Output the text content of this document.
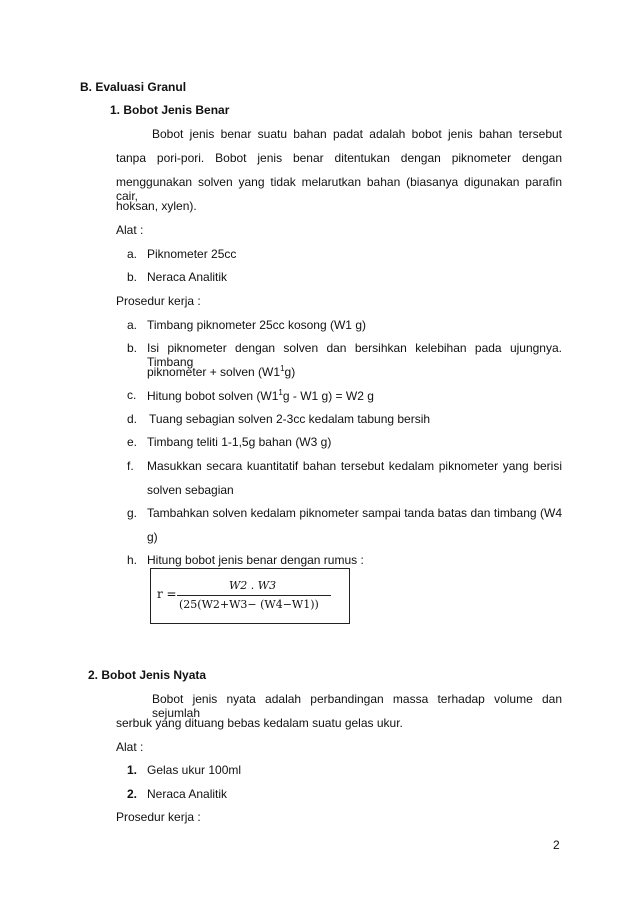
B. Evaluasi Granul
1. Bobot Jenis Benar
Bobot jenis benar suatu bahan padat adalah bobot jenis bahan tersebut
tanpa pori-pori. Bobot jenis benar ditentukan dengan piknometer dengan
menggunakan solven yang tidak melarutkan bahan (biasanya digunakan parafin cair,
hoksan, xylen).
Alat :
a. Piknometer 25cc
b. Neraca Analitik
Prosedur kerja :
a. Timbang piknometer 25cc kosong (W1 g)
b. Isi piknometer dengan solven dan bersihkan kelebihan pada ujungnya. Timbang
piknometer + solven $(W1^1g)$
c. Hitung bobot solven ($W1^1g - W1$ g) = W2 g
d. Tuang sebagian solven 2-3cc kedalam tabung bersih
e. Timbang teliti 1-1,5g bahan (W3 g)
f. Masukkan secara kuantitatif bahan tersebut kedalam piknometer yang berisi
solven sebagian
g. Tambahkan solven kedalam piknometer sampai tanda batas dan timbang (W4
g)
h. Hitung bobot jenis benar dengan rumus :
r =
W2 . W3
(25(W2+W3− (W4−W1))
2. Bobot Jenis Nyata
Bobot jenis nyata adalah perbandingan massa terhadap volume dan sejumlah
serbuk yang dituang bebas kedalam suatu gelas ukur.
Alat :
1. Gelas ukur 100ml
2. Neraca Analitik
Prosedur kerja :
2
